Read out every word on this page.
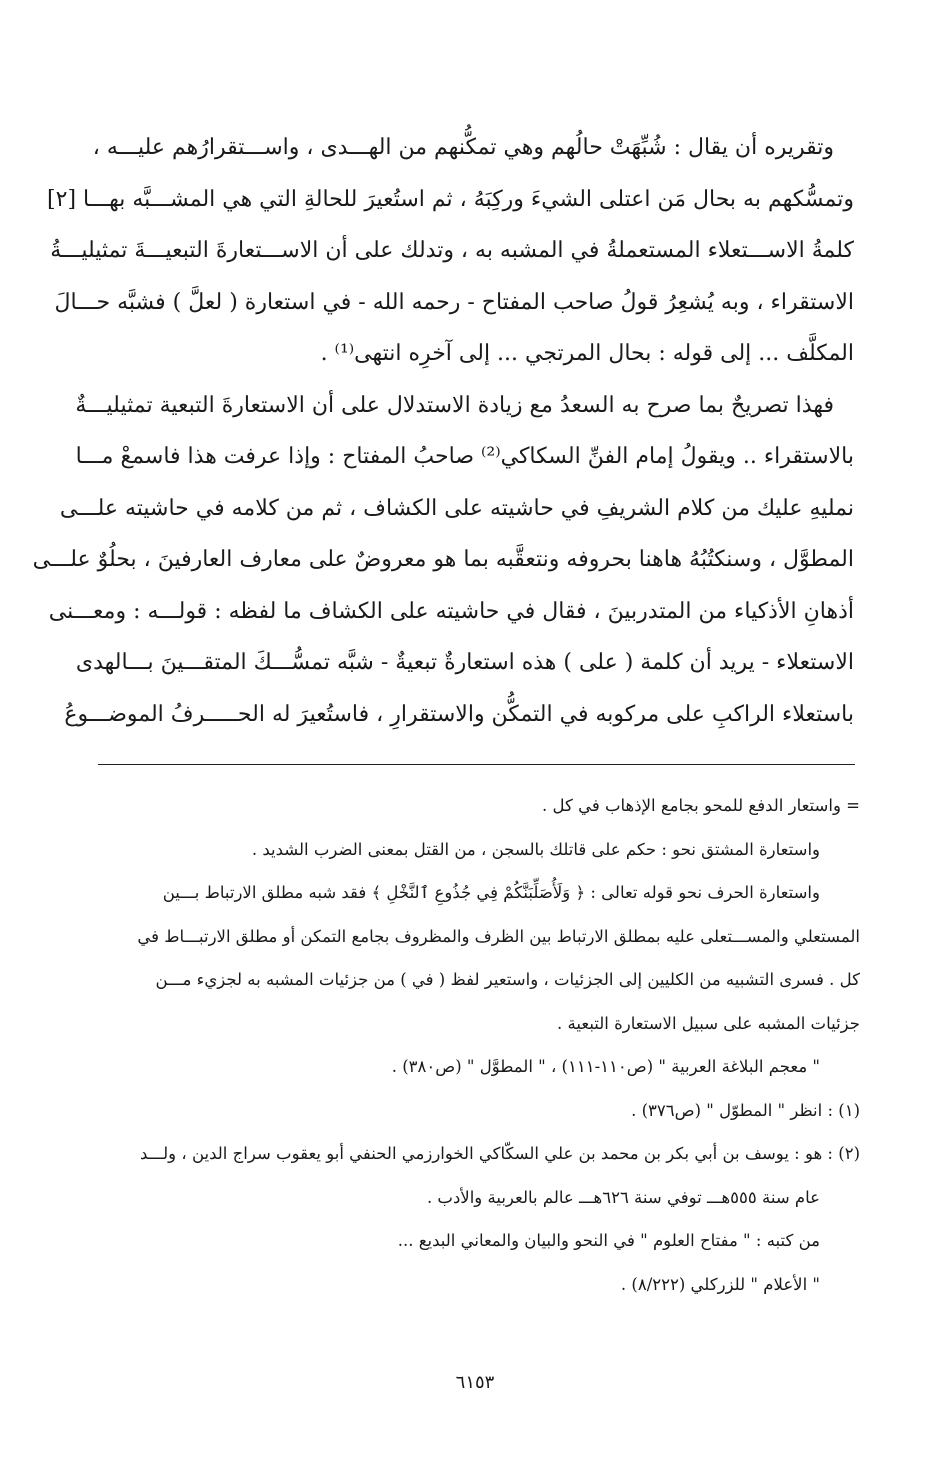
وتقريره أن يقال : شُبِّهَتْ حالُهم وهي تمكُّنهم من الهـــدى ، واســـتقرارُهم عليـــه ،
وتمسُّكهم به بحال مَن اعتلى الشيءَ وركِبَهُ ، ثم استُعيرَ للحالةِ التي هي المشـــبَّه بهـــا [٢]
كلمةُ الاســـتعلاء المستعملةُ في المشبه به ، وتدلك على أن الاســـتعارةَ التبعيـــةَ تمثيليـــةُ
الاستقراء ، وبه يُشعِرُ قولُ صاحب المفتاح - رحمه الله - في استعارة ( لعلَّ ) فشبَّه حـــالَ
المكلَّف ... إلى قوله : بحال المرتجي ... إلى آخرِه انتهى⁽¹⁾ .
فهذا تصريحٌ بما صرح به السعدُ مع زيادة الاستدلال على أن الاستعارةَ التبعية تمثيليـــةٌ
بالاستقراء .. ويقولُ إمام الفنِّ السكاكي⁽²⁾ صاحبُ المفتاح : وإذا عرفت هذا فاسمعْ مـــا
نمليهِ عليك من كلام الشريفِ في حاشيته على الكشاف ، ثم من كلامه في حاشيته علـــى
المطوَّل ، وسنكتُبُهُ هاهنا بحروفه ونتعقَّبه بما هو معروضٌ على معارف العارفينَ ، بحلُوٌ علـــى
أذهانِ الأذكياء من المتدربينَ ، فقال في حاشيته على الكشاف ما لفظه : قولـــه : ومعـــنى
الاستعلاء - يريد أن كلمة ( على ) هذه استعارةٌ تبعيةٌ - شبَّه تمسُّـــكَ المتقـــينَ بـــالهدى
باستعلاء الراكبِ على مركوبه في التمكُّن والاستقرارِ ، فاستُعيرَ له الحـــــرفُ الموضـــوعُ
= واستعار الدفع للمحو بجامع الإذهاب في كل .
واستعارة المشتق نحو : حكم على قاتلك بالسجن ، من القتل بمعنى الضرب الشديد .
واستعارة الحرف نحو قوله تعالى : ﴿ وَلَأُصَلِّبَنَّكُمْ فِي جُذُوعِ ٱلنَّخْلِ ﴾ فقد شبه مطلق الارتباط بـــين
المستعلي والمســـتعلى عليه بمطلق الارتباط بين الظرف والمظروف بجامع التمكن أو مطلق الارتبـــاط في
كل . فسرى التشبيه من الكليين إلى الجزئيات ، واستعير لفظ ( في ) من جزئيات المشبه به لجزيء مـــن
جزئيات المشبه على سبيل الاستعارة التبعية .
" معجم البلاغة العربية " (ص١١٠-١١١) ، " المطوَّل " (ص٣٨٠) .
(١) : انظر " المطوّل " (ص٣٧٦) .
(٢) : هو : يوسف بن أبي بكر بن محمد بن علي السكّاكي الخوارزمي الحنفي أبو يعقوب سراج الدين ، ولـــد
عام سنة ٥٥٥هـــ توفي سنة ٦٢٦هـــ عالم بالعربية والأدب .
من كتبه : " مفتاح العلوم " في النحو والبيان والمعاني البديع ...
" الأعلام " للزركلي (٨/٢٢٢) .
٦١٥٣
